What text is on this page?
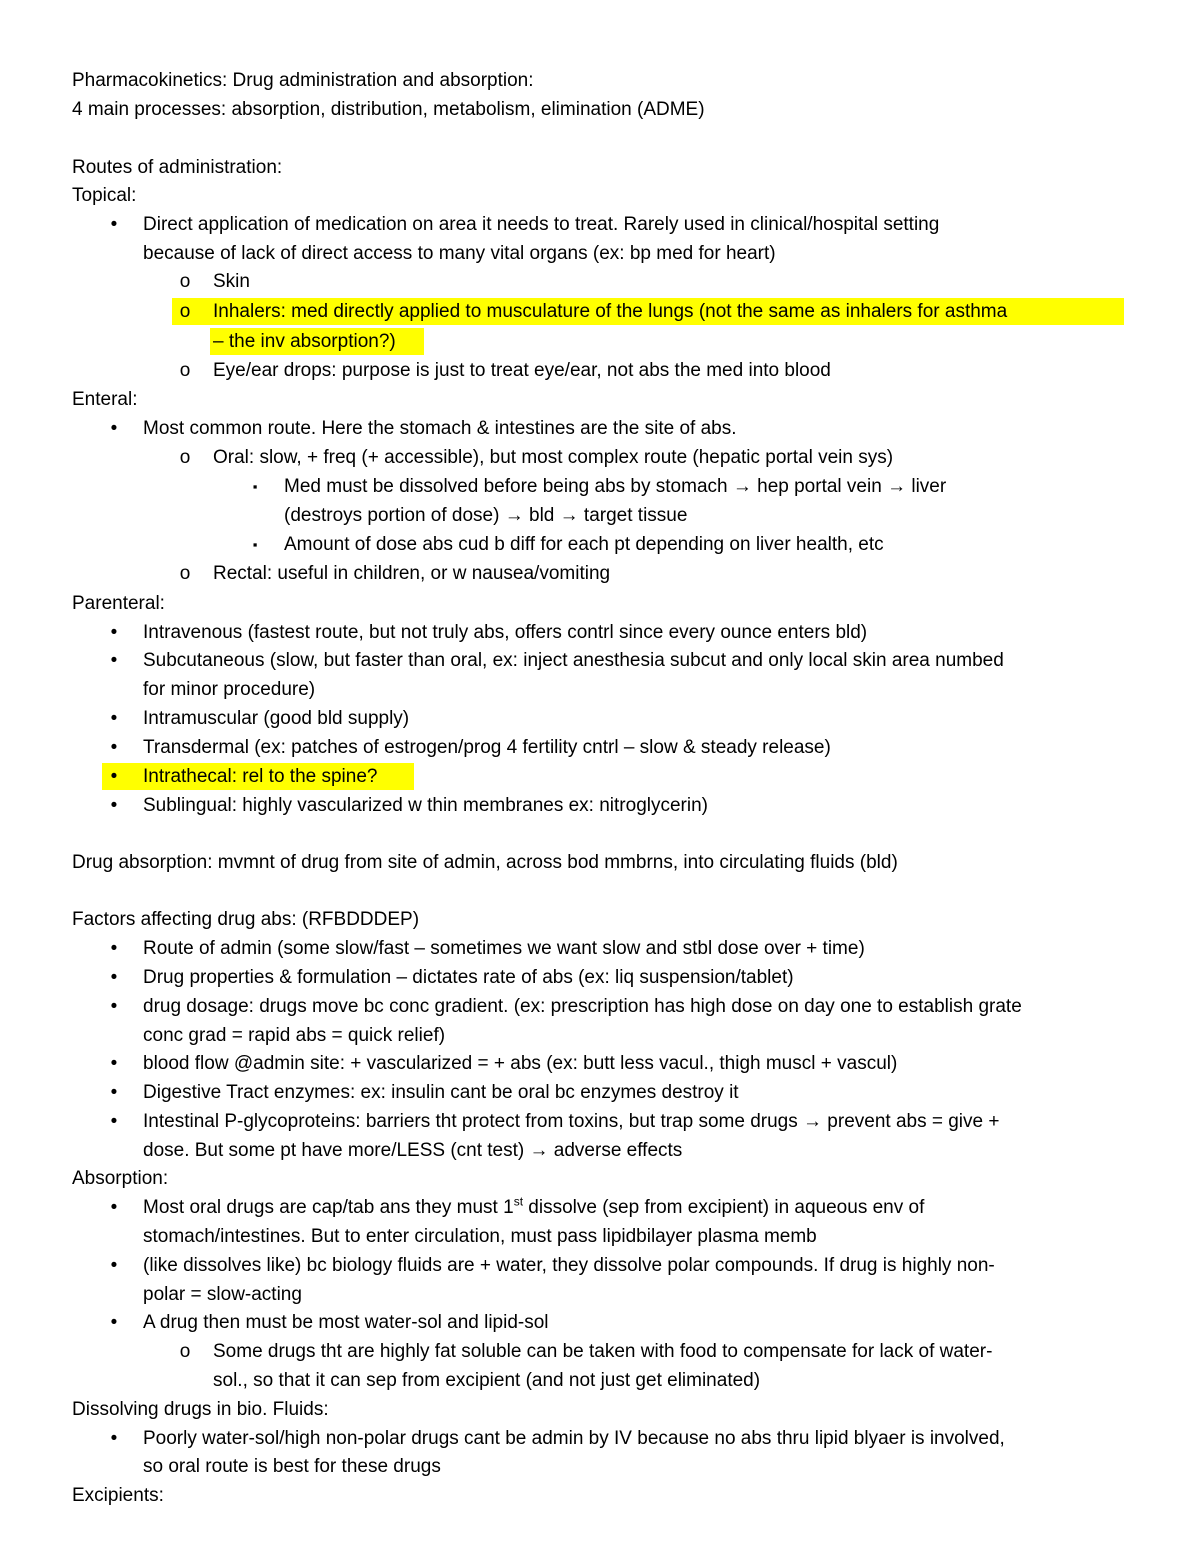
Pharmacokinetics: Drug administration and absorption:
4 main processes: absorption, distribution, metabolism, elimination (ADME)
Routes of administration:
Topical:
•	Direct application of medication on area it needs to treat. Rarely used in clinical/hospital setting
because of lack of direct access to many vital organs (ex: bp med for heart)
o Skin
o Inhalers: med directly applied to musculature of the lungs (not the same as inhalers for asthma
– the inv absorption?)
o Eye/ear drops: purpose is just to treat eye/ear, not abs the med into blood
Enteral:
•	Most common route. Here the stomach & intestines are the site of abs.
o Oral: slow, + freq (+ accessible), but most complex route (hepatic portal vein sys)
▪	Med must be dissolved before being abs by stomach → hep portal vein → liver
(destroys portion of dose) → bld → target tissue
▪	Amount of dose abs cud b diff for each pt depending on liver health, etc
o Rectal: useful in children, or w nausea/vomiting
Parenteral:
•	Intravenous (fastest route, but not truly abs, offers contrl since every ounce enters bld)
•	Subcutaneous (slow, but faster than oral, ex: inject anesthesia subcut and only local skin area numbed
for minor procedure)
•	Intramuscular (good bld supply)
•	Transdermal (ex: patches of estrogen/prog 4 fertility cntrl – slow & steady release)
•	Intrathecal: rel to the spine?
•	Sublingual: highly vascularized w thin membranes ex: nitroglycerin)
Drug absorption: mvmnt of drug from site of admin, across bod mmbrns, into circulating fluids (bld)
Factors affecting drug abs: (RFBDDDEP)
•	Route of admin (some slow/fast – sometimes we want slow and stbl dose over + time)
•	Drug properties & formulation – dictates rate of abs (ex: liq suspension/tablet)
•	drug dosage: drugs move bc conc gradient. (ex: prescription has high dose on day one to establish grate
conc grad = rapid abs = quick relief)
•	blood flow @admin site: + vascularized = + abs (ex: butt less vacul., thigh muscl + vascul)
•	Digestive Tract enzymes: ex: insulin cant be oral bc enzymes destroy it
•	Intestinal P-glycoproteins: barriers tht protect from toxins, but trap some drugs → prevent abs = give +
dose. But some pt have more/LESS (cnt test) → adverse effects
Absorption:
•	Most oral drugs are cap/tab ans they must 1st dissolve (sep from excipient) in aqueous env of
stomach/intestines. But to enter circulation, must pass lipidbilayer plasma memb
•	(like dissolves like) bc biology fluids are + water, they dissolve polar compounds. If drug is highly non-
polar = slow-acting
•	A drug then must be most water-sol and lipid-sol
o Some drugs tht are highly fat soluble can be taken with food to compensate for lack of water-
sol., so that it can sep from excipient (and not just get eliminated)
Dissolving drugs in bio. Fluids:
•	Poorly water-sol/high non-polar drugs cant be admin by IV because no abs thru lipid blyaer is involved,
so oral route is best for these drugs
Excipients:
